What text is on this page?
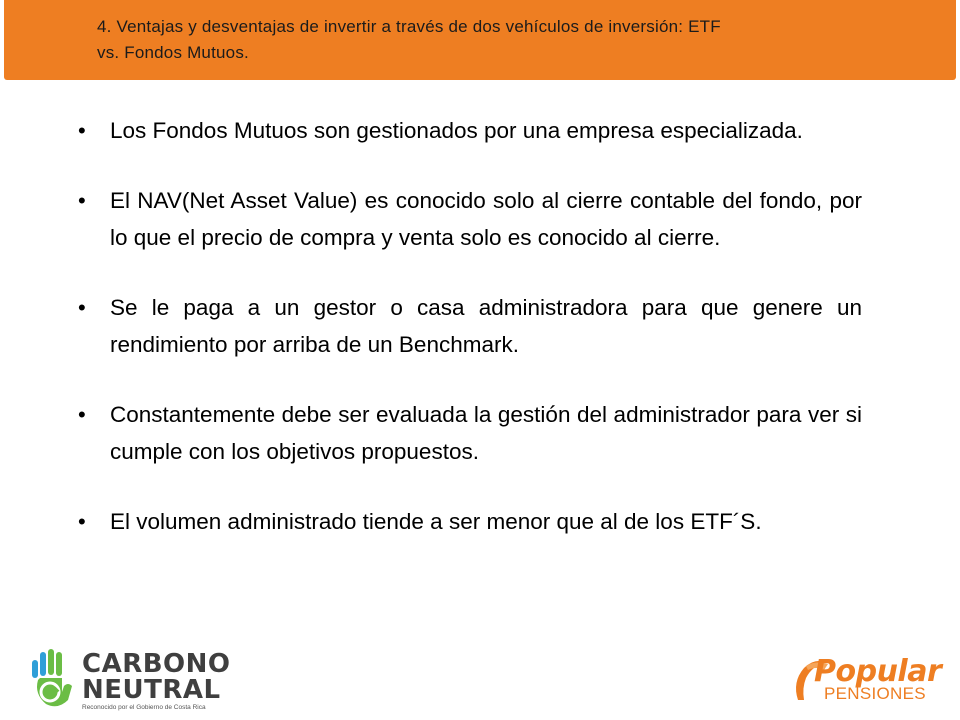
4. Ventajas y desventajas de invertir a través de dos vehículos de inversión: ETF
vs. Fondos Mutuos.
• Los Fondos Mutuos son gestionados por una empresa especializada.
• El NAV(Net Asset Value) es conocido solo al cierre contable del fondo, por lo que el precio de compra y venta solo es conocido al cierre.
• Se le paga a un gestor o casa administradora para que genere un rendimiento por arriba de un Benchmark.
• Constantemente debe ser evaluada la gestión del administrador para ver si cumple con los objetivos propuestos.
• El volumen administrado tiende a ser menor que al de los ETF´S.
CARBONO
NEUTRAL
Reconocido por el Gobierno de Costa Rica
Popular
PENSIONES
